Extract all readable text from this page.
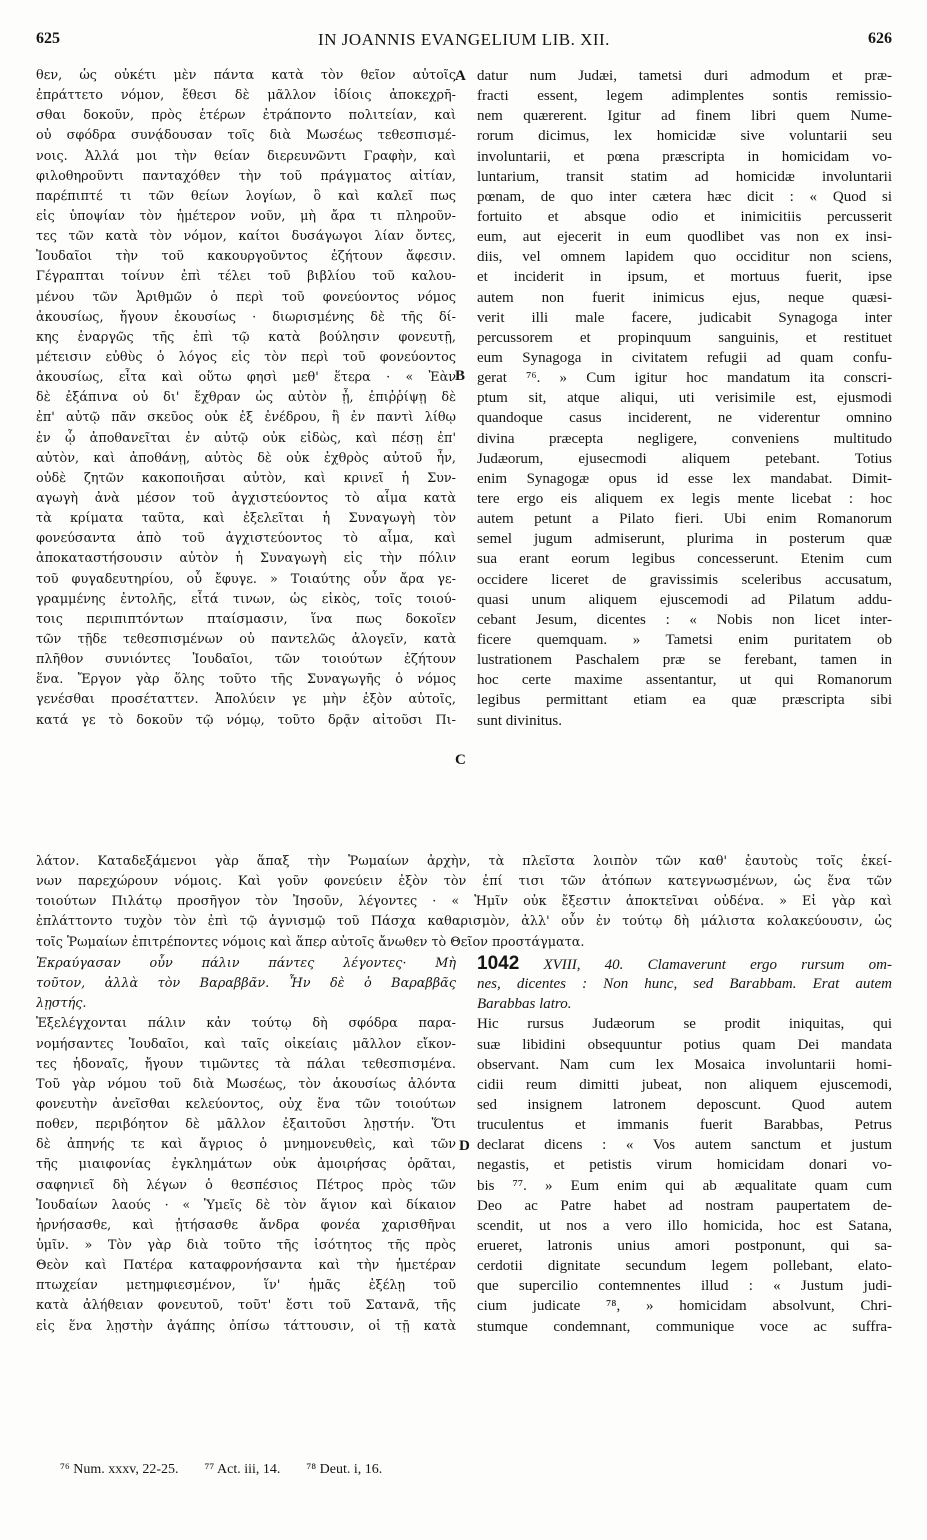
625	IN JOANNIS EVANGELIUM LIB. XII.	626
θεν, ὡς οὐκέτι μὲν πάντα κατὰ τὸν θεῖον αὐτοῖς
ἐπράττετο νόμον, ἔθεσι δὲ μᾶλλον ἰδίοις ἀποκεχρῆ-
σθαι δοκοῦν, πρὸς ἑτέρων ἐτράποντο πολιτείαν, καὶ
οὐ σφόδρα συνᾴδουσαν τοῖς διὰ Μωσέως τεθεσπισμέ-
νοις. Ἀλλά μοι τὴν θείαν διερευνῶντι Γραφὴν, καὶ
φιλοθηροῦντι πανταχόθεν τὴν τοῦ πράγματος αἰτίαν,
παρέπιπτέ τι τῶν θείων λογίων, ὃ καὶ καλεῖ πως
εἰς ὑποψίαν τὸν ἡμέτερον νοῦν, μὴ ἄρα τι πληροῦν-
τες τῶν κατὰ τὸν νόμον, καίτοι δυσάγωγοι λίαν ὄντες,
Ἰουδαῖοι τὴν τοῦ κακουργοῦντος ἐζήτουν ἄφεσιν.
Γέγραπται τοίνυν ἐπὶ τέλει τοῦ βιβλίου τοῦ καλου-
μένου τῶν Ἀριθμῶν ὁ περὶ τοῦ φονεύοντος νόμος
ἀκουσίως, ἤγουν ἑκουσίως · διωρισμένης δὲ τῆς δί-
κης ἐναργῶς τῆς ἐπὶ τῷ κατὰ βούλησιν φονευτῇ,
μέτεισιν εὐθὺς ὁ λόγος εἰς τὸν περὶ τοῦ φονεύοντος
ἀκουσίως, εἶτα καὶ οὕτω φησὶ μεθ' ἕτερα · « Ἐὰν
δὲ ἐξάπινα οὐ δι' ἔχθραν ὡς αὐτὸν ᾖ, ἐπιῤῥίψῃ δὲ
ἐπ' αὐτῷ πᾶν σκεῦος οὐκ ἐξ ἐνέδρου, ἢ ἐν παντὶ λίθῳ
ἐν ᾧ ἀποθανεῖται ἐν αὐτῷ οὐκ εἰδὼς, καὶ πέσῃ ἐπ'
αὐτὸν, καὶ ἀποθάνῃ, αὐτὸς δὲ οὐκ ἐχθρὸς αὐτοῦ ἦν,
οὐδὲ ζητῶν κακοποιῆσαι αὐτὸν, καὶ κρινεῖ ἡ Συν-
αγωγὴ ἀνὰ μέσον τοῦ ἀγχιστεύοντος τὸ αἷμα κατὰ
τὰ κρίματα ταῦτα, καὶ ἐξελεῖται ἡ Συναγωγὴ τὸν
φονεύσαντα ἀπὸ τοῦ ἀγχιστεύοντος τὸ αἷμα, καὶ
ἀποκαταστήσουσιν αὐτὸν ἡ Συναγωγὴ εἰς τὴν πόλιν
τοῦ φυγαδευτηρίου, οὗ ἔφυγε. » Τοιαύτης οὖν ἄρα γε-
γραμμένης ἐντολῆς, εἶτά τινων, ὡς εἰκὸς, τοῖς τοιού-
τοις περιπιπτόντων πταίσμασιν, ἵνα πως δοκοῖεν
τῶν τῇδε τεθεσπισμένων οὐ παντελῶς ἀλογεῖν, κατὰ
πλῆθον συνιόντες Ἰουδαῖοι, τῶν τοιούτων ἐζήτουν
ἕνα. Ἔργον γὰρ ὅλης τοῦτο τῆς Συναγωγῆς ὁ νόμος
γενέσθαι προσέταττεν. Ἀπολύειν γε μὴν ἐξὸν αὐτοῖς,
κατά γε τὸ δοκοῦν τῷ νόμῳ, τοῦτο δρᾷν αἰτοῦσι Πι-
datur num Judæi, tametsi duri admodum et præ-
fracti essent, legem adimplentes sontis remissio-
nem quærerent. Igitur ad finem libri quem Nume-
rorum dicimus, lex homicidæ sive voluntarii seu
involuntarii, et pœna præscripta in homicidam vo-
luntarium, transit statim ad homicidæ involuntarii
pœnam, de quo inter cætera hæc dicit : « Quod si
fortuito et absque odio et inimicitiis percusserit
eum, aut ejecerit in eum quodlibet vas non ex insi-
diis, vel omnem lapidem quo occiditur non sciens,
et inciderit in ipsum, et mortuus fuerit, ipse
autem non fuerit inimicus ejus, neque quæsi-
verit illi male facere, judicabit Synagoga inter
percussorem et propinquum sanguinis, et restituet
eum Synagoga in civitatem refugii ad quam confu-
gerat ⁷⁶. » Cum igitur hoc mandatum ita conscri-
ptum sit, atque aliqui, uti verisimile est, ejusmodi
quandoque casus inciderent, ne viderentur omnino
divina præcepta negligere, conveniens multitudo
Judæorum, ejusecmodi aliquem petebant. Totius
enim Synagogæ opus id esse lex mandabat. Dimit-
tere ergo eis aliquem ex legis mente licebat : hoc
autem petunt a Pilato fieri. Ubi enim Romanorum
semel jugum admiserunt, plurima in posterum quæ
sua erant eorum legibus concesserunt. Etenim cum
occidere liceret de gravissimis sceleribus accusatum,
quasi unum aliquem ejuscemodi ad Pilatum addu-
cebant Jesum, dicentes : « Nobis non licet inter-
ficere quemquam. » Tametsi enim puritatem ob
lustrationem Paschalem præ se ferebant, tamen in
hoc certe maxime assentantur, ut qui Romanorum
legibus permittant etiam ea quæ præscripta sibi
sunt divinitus.
A
B
C
D
λάτον. Καταδεξάμενοι γὰρ ἅπαξ τὴν Ῥωμαίων ἀρχὴν, τὰ πλεῖστα λοιπὸν τῶν καθ' ἑαυτοὺς τοῖς ἐκεί-
νων παρεχώρουν νόμοις. Καὶ γοῦν φονεύειν ἐξὸν τὸν ἐπί τισι τῶν ἀτόπων κατεγνωσμένων, ὡς ἕνα τῶν
τοιούτων Πιλάτῳ προσῆγον τὸν Ἰησοῦν, λέγοντες · « Ἡμῖν οὐκ ἔξεστιν ἀποκτεῖναι οὐδένα. » Εἰ γὰρ καὶ
ἐπλάττοντο τυχὸν τὸν ἐπὶ τῷ ἁγνισμῷ τοῦ Πάσχα καθαρισμὸν, ἀλλ' οὖν ἐν τούτῳ δὴ μάλιστα κολακεύουσιν, ὡς
τοῖς Ῥωμαίων ἐπιτρέποντες νόμοις καὶ ἅπερ αὐτοῖς ἄνωθεν τὸ Θεῖον προστάγματα.
Ἐκραύγασαν οὖν πάλιν πάντες λέγοντες· Μὴ
τοῦτον, ἀλλὰ τὸν Βαραββᾶν. Ἦν δὲ ὁ Βαραββᾶς
λῃστής.
Ἐξελέγχονται πάλιν κἀν τούτῳ δὴ σφόδρα παρα-
νομήσαντες Ἰουδαῖοι, καὶ ταῖς οἰκείαις μᾶλλον εἴκον-
τες ἡδοναῖς, ἤγουν τιμῶντες τὰ πάλαι τεθεσπισμένα.
Τοῦ γὰρ νόμου τοῦ διὰ Μωσέως, τὸν ἀκουσίως ἁλόντα
φονευτὴν ἀνεῖσθαι κελεύοντος, οὐχ ἕνα τῶν τοιούτων
ποθεν, περιβόητον δὲ μᾶλλον ἐξαιτοῦσι λῃστήν. Ὅτι
δὲ ἀπηνής τε καὶ ἄγριος ὁ μνημονευθεὶς, καὶ τῶν
τῆς μιαιφονίας ἐγκλημάτων οὐκ ἀμοιρήσας ὁρᾶται,
σαφηνιεῖ δὴ λέγων ὁ θεσπέσιος Πέτρος πρὸς τῶν
Ἰουδαίων λαούς · « Ὑμεῖς δὲ τὸν ἅγιον καὶ δίκαιον
ἠρνήσασθε, καὶ ᾐτήσασθε ἄνδρα φονέα χαρισθῆναι
ὑμῖν. » Τὸν γὰρ διὰ τοῦτο τῆς ἰσότητος τῆς πρὸς
Θεὸν καὶ Πατέρα καταφρονήσαντα καὶ τὴν ἡμετέραν
πτωχείαν μετημφιεσμένον, ἵν' ἡμᾶς ἐξέλῃ τοῦ
κατὰ ἀλήθειαν φονευτοῦ, τοῦτ' ἔστι τοῦ Σατανᾶ, τῆς
εἰς ἕνα λῃστὴν ἀγάπης ὀπίσω τάττουσιν, οἱ τῇ κατὰ
1042 XVIII, 40. Clamaverunt ergo rursum om-
nes, dicentes : Non hunc, sed Barabbam. Erat autem
Barabbas latro.
Hic rursus Judæorum se prodit iniquitas, qui
suæ libidini obsequuntur potius quam Dei mandata
observant. Nam cum lex Mosaica involuntarii homi-
cidii reum dimitti jubeat, non aliquem ejuscemodi,
sed insignem latronem deposcunt. Quod autem
truculentus et immanis fuerit Barabbas, Petrus
declarat dicens : « Vos autem sanctum et justum
negastis, et petistis virum homicidam donari vo-
bis ⁷⁷. » Eum enim qui ab æqualitate quam cum
Deo ac Patre habet ad nostram paupertatem de-
scendit, ut nos a vero illo homicida, hoc est Satana,
erueret, latronis unius amori postponunt, qui sa-
cerdotii dignitate secundum legem pollebant, elato-
que supercilio contemnentes illud : « Justum judi-
cium judicate ⁷⁸, » homicidam absolvunt, Chri-
stumque condemnant, communique voce ac suffra-
⁷⁶ Num. xxxv, 22-25. ⁷⁷ Act. iii, 14. ⁷⁸ Deut. i, 16.
